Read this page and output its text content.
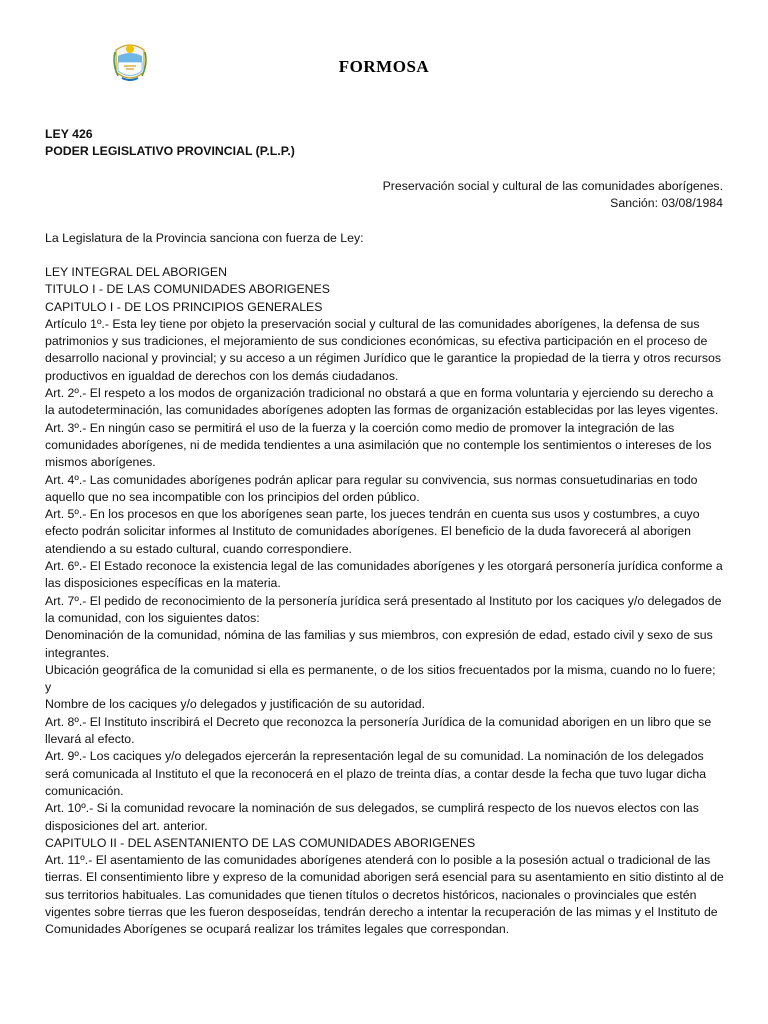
FORMOSA
LEY 426
PODER LEGISLATIVO PROVINCIAL (P.L.P.)
Preservación social y cultural de las comunidades aborígenes.
Sanción: 03/08/1984
La Legislatura de la Provincia sanciona con fuerza de Ley:

LEY INTEGRAL DEL ABORIGEN

TITULO I - DE LAS COMUNIDADES ABORIGENES

CAPITULO I - DE LOS PRINCIPIOS GENERALES

Artículo 1º.- Esta ley tiene por objeto la preservación social y cultural de las comunidades aborígenes, la defensa de sus patrimonios y sus tradiciones, el mejoramiento de sus condiciones económicas, su efectiva participación en el proceso de desarrollo nacional y provincial; y su acceso a un régimen Jurídico que le garantice la propiedad de la tierra y otros recursos productivos en igualdad de derechos con los demás ciudadanos.

Art. 2º.- El respeto a los modos de organización tradicional no obstará a que en forma voluntaria y ejerciendo su derecho a la autodeterminación, las comunidades aborígenes adopten las formas de organización establecidas por las leyes vigentes.

Art. 3º.- En ningún caso se permitirá el uso de la fuerza y la coerción como medio de promover la integración de las comunidades aborígenes, ni de medida tendientes a una asimilación que no contemple los sentimientos o intereses de los mismos aborígenes.

Art. 4º.- Las comunidades aborígenes podrán aplicar para regular su convivencia, sus normas consuetudinarias en todo aquello que no sea incompatible con los principios del orden público.

Art. 5º.- En los procesos en que los aborígenes sean parte, los jueces tendrán en cuenta sus usos y costumbres, a cuyo efecto podrán solicitar informes al Instituto de comunidades aborígenes. El beneficio de la duda favorecerá al aborigen atendiendo a su estado cultural, cuando correspondiere.

Art. 6º.- El Estado reconoce la existencia legal de las comunidades aborígenes y les otorgará personería jurídica conforme a las disposiciones específicas en la materia.

Art. 7º.- El pedido de reconocimiento de la personería jurídica será presentado al Instituto por los caciques y/o delegados de la comunidad, con los siguientes datos:

Denominación de la comunidad, nómina de las familias y sus miembros, con expresión de edad, estado civil y sexo de sus integrantes.

Ubicación geográfica de la comunidad si ella es permanente, o de los sitios frecuentados por la misma, cuando no lo fuere; y

Nombre de los caciques y/o delegados y justificación de su autoridad.

Art. 8º.- El Instituto inscribirá el Decreto que reconozca la personería Jurídica de la comunidad aborigen en un libro que se llevará al efecto.

Art. 9º.- Los caciques y/o delegados ejercerán la representación legal de su comunidad. La nominación de los delegados será comunicada al Instituto el que la reconocerá en el plazo de treinta días, a contar desde la fecha que tuvo lugar dicha comunicación.

Art. 10º.- Si la comunidad revocare la nominación de sus delegados, se cumplirá respecto de los nuevos electos con las disposiciones del art. anterior.

CAPITULO II - DEL ASENTANIENTO DE LAS COMUNIDADES ABORIGENES

Art. 11º.- El asentamiento de las comunidades aborígenes atenderá con lo posible a la posesión actual o tradicional de las tierras. El consentimiento libre y expreso de la comunidad aborigen será esencial para su asentamiento en sitio distinto al de sus territorios habituales. Las comunidades que tienen títulos o decretos históricos, nacionales o provinciales que estén vigentes sobre tierras que les fueron desposeídas, tendrán derecho a intentar la recuperación de las mimas y el Instituto de Comunidades Aborígenes se ocupará realizar los trámites legales que correspondan.
